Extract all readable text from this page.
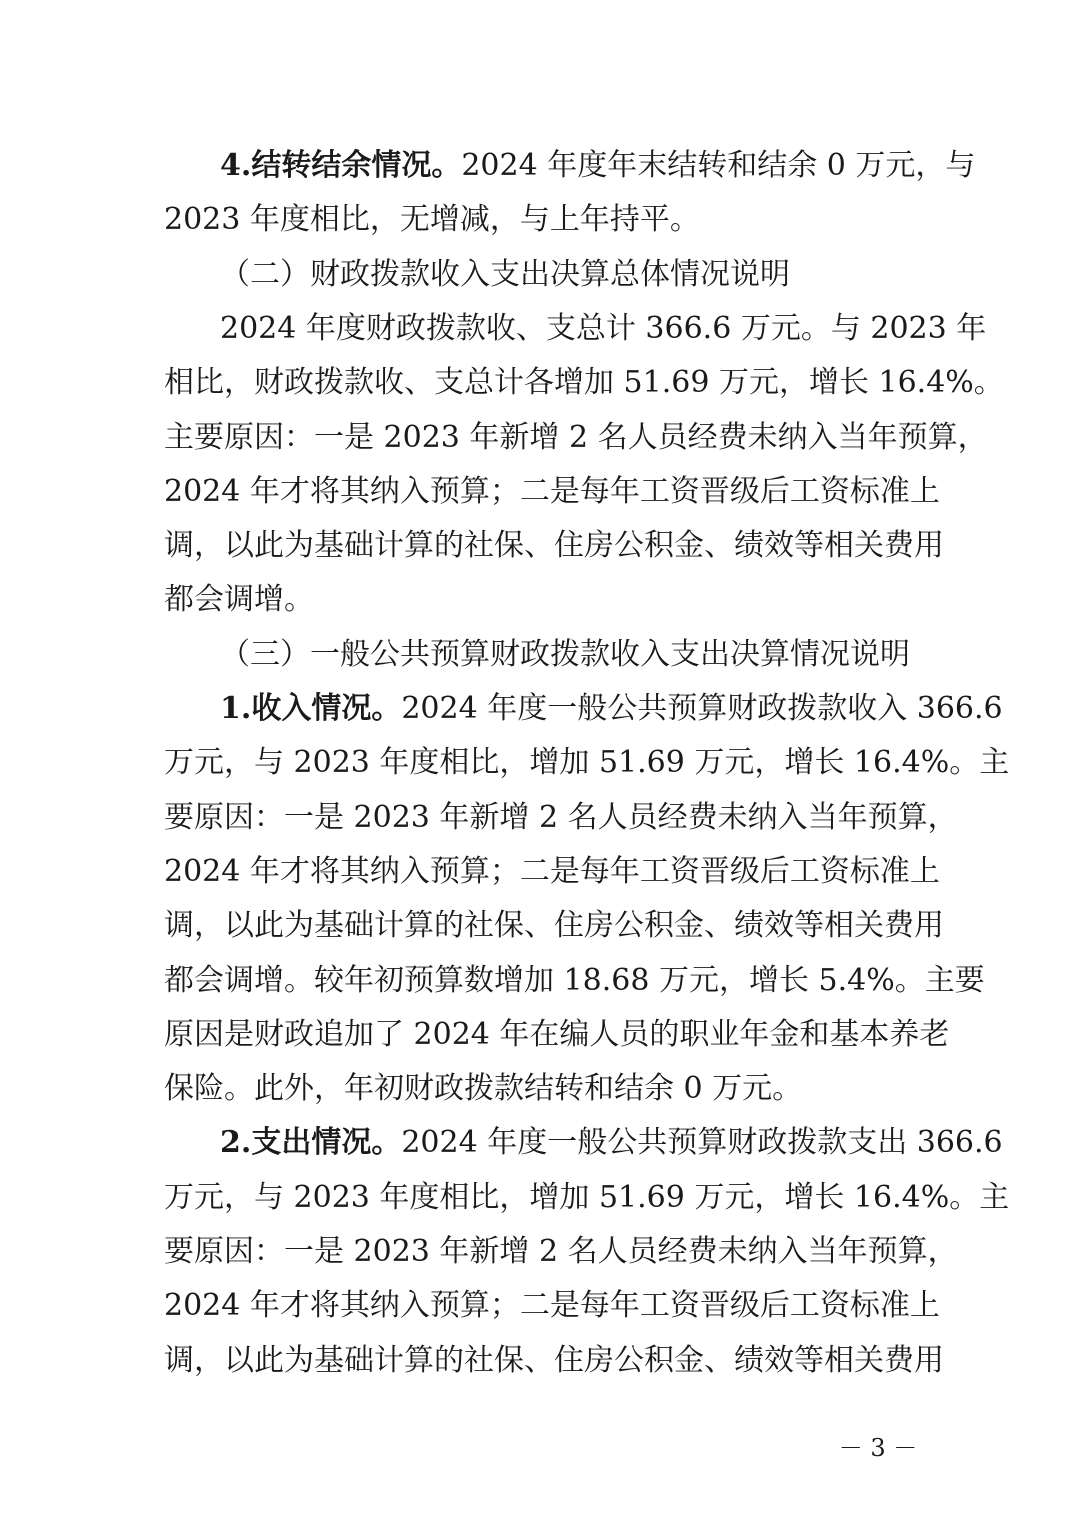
4.结转结余情况。2024 年度年末结转和结余 0 万元，与
2023 年度相比，无增减，与上年持平。
（二）财政拨款收入支出决算总体情况说明
2024 年度财政拨款收、支总计 366.6 万元。与 2023 年
相比，财政拨款收、支总计各增加 51.69 万元，增长 16.4%。
主要原因：一是 2023 年新增 2 名人员经费未纳入当年预算，
2024 年才将其纳入预算；二是每年工资晋级后工资标准上
调，以此为基础计算的社保、住房公积金、绩效等相关费用
都会调增。
（三）一般公共预算财政拨款收入支出决算情况说明
1.收入情况。2024 年度一般公共预算财政拨款收入 366.6
万元，与 2023 年度相比，增加 51.69 万元，增长 16.4%。主
要原因：一是 2023 年新增 2 名人员经费未纳入当年预算，
2024 年才将其纳入预算；二是每年工资晋级后工资标准上
调，以此为基础计算的社保、住房公积金、绩效等相关费用
都会调增。较年初预算数增加 18.68 万元，增长 5.4%。主要
原因是财政追加了 2024 年在编人员的职业年金和基本养老
保险。此外，年初财政拨款结转和结余 0 万元。
2.支出情况。2024 年度一般公共预算财政拨款支出 366.6
万元，与 2023 年度相比，增加 51.69 万元，增长 16.4%。主
要原因：一是 2023 年新增 2 名人员经费未纳入当年预算，
2024 年才将其纳入预算；二是每年工资晋级后工资标准上
调，以此为基础计算的社保、住房公积金、绩效等相关费用
－ 3 －
